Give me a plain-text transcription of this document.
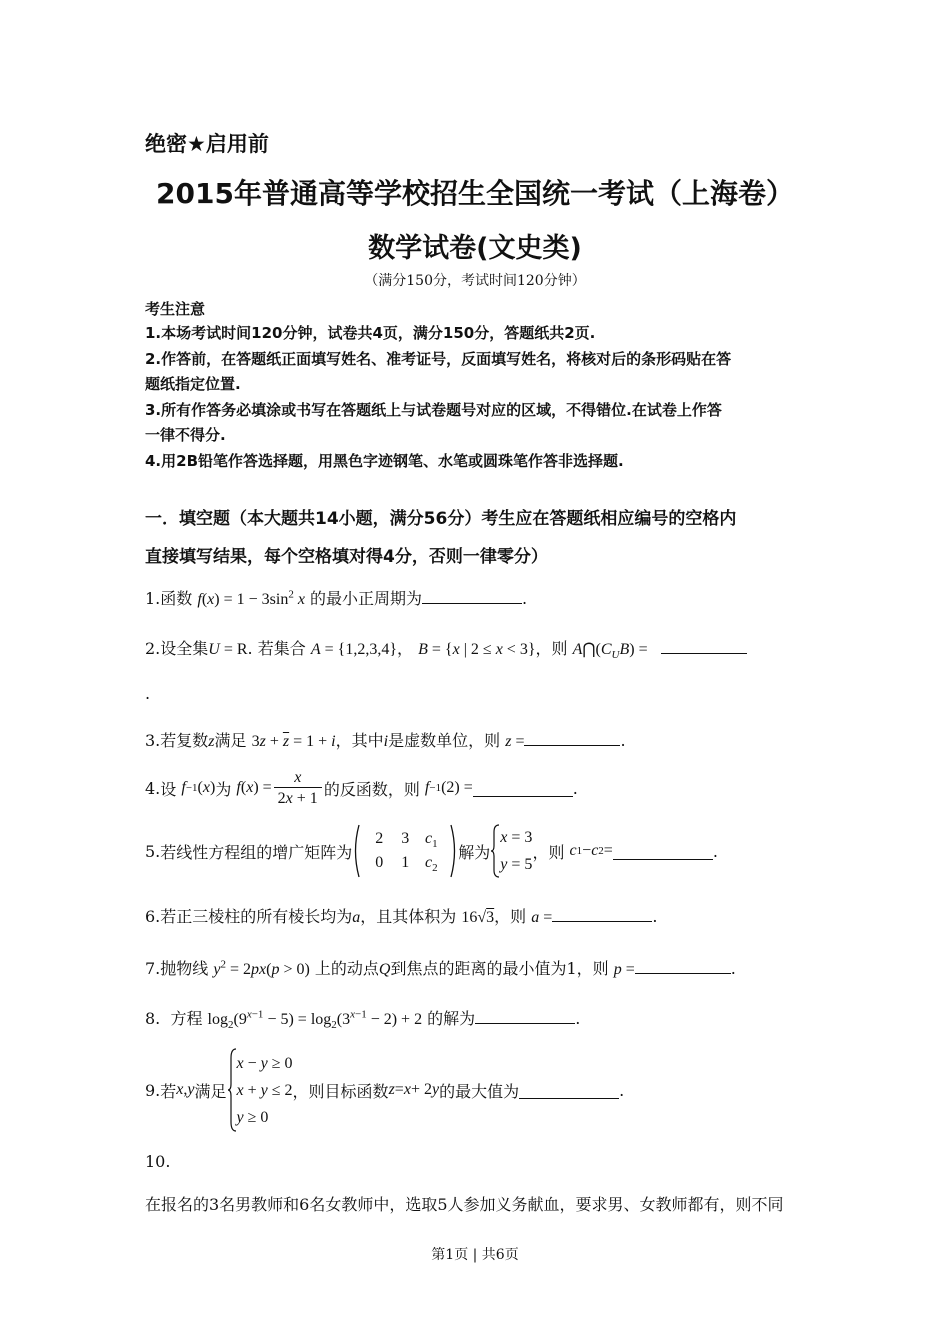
绝密★启用前
2015年普通高等学校招生全国统一考试（上海卷）
数学试卷(文史类)
（满分150分，考试时间120分钟）
考生注意
1.本场考试时间120分钟，试卷共4页，满分150分，答题纸共2页.
2.作答前，在答题纸正面填写姓名、准考证号，反面填写姓名，将核对后的条形码贴在答
题纸指定位置.
3.所有作答务必填涂或书写在答题纸上与试卷题号对应的区域，不得错位.在试卷上作答
一律不得分.
4.用2B铅笔作答选择题，用黑色字迹钢笔、水笔或圆珠笔作答非选择题.
一．填空题（本大题共14小题，满分56分）考生应在答题纸相应编号的空格内
直接填写结果，每个空格填对得4分，否则一律零分）
1.函数 $f(x) = 1 - 3\sin^2$ x 的最小正周期为	.
2.设全集U = R. 若集合 A = {1,2,3,4}， B = {x | 2 ≤ x < 3}，则 $A⋂(C_UB)$ =
.
3.若复数z满足 $3z + \overline{z} = 1 + i$，其中i是虚数单位，则 z =	.
4. 设
f −1 ( x ) 为
f ( x ) = $\frac{x}{2x + 1}$ 的反函数，则
f −1 (2) =	.
5. 若线性方程组的增广矩阵为
2	3 $c_1$
0	1 $c_2$
解为
x = 3
y = 5
，则
c 1 − c 2 =	.
6.若正三棱柱的所有棱长均为a，且其体积为 16√3，则 a =	.
7.抛物线 $y^2 = 2px(p > 0)$ 上的动点Q到焦点的距离的最小值为1，则 p =	.
8. 方程 $\log_2(9^{x-1} - 5) = \log_2(3^{x-1} - 2) + 2$ 的解为	.
9. 若 x , y 满足
x − y ≥ 0
x + y ≤ 2
y ≥ 0
，则目标函数 z = x + 2 y 的最大值为	.
10.
在报名的3名男教师和6名女教师中，选取5人参加义务献血，要求男、女教师都有，则不同
第1页 | 共6页
